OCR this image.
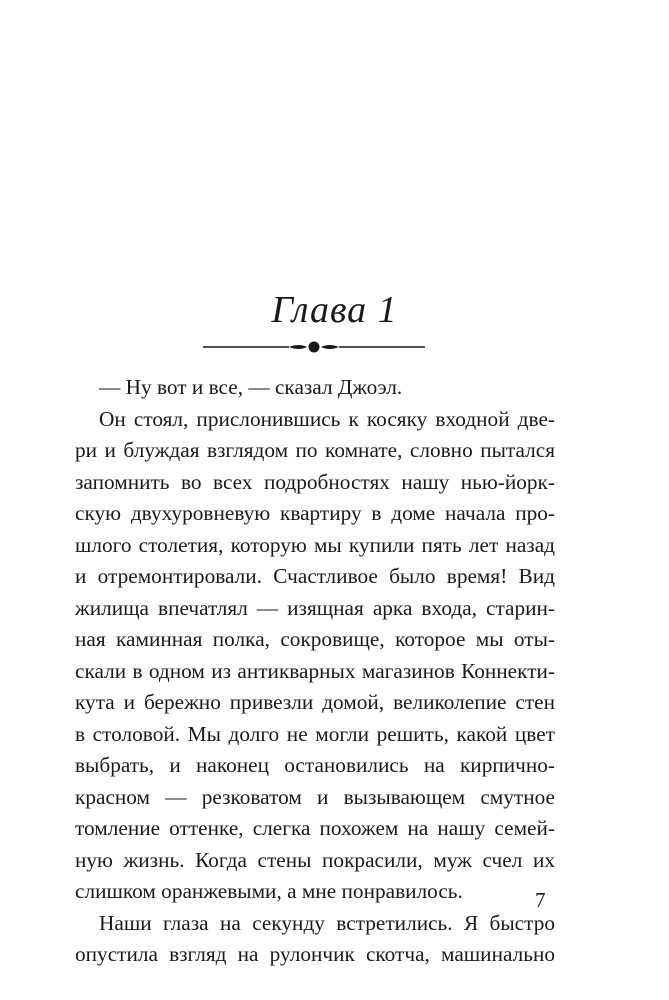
Глава 1
— Ну вот и все, — сказал Джоэл.
Он стоял, прислонившись к косяку входной две-
ри и блуждая взглядом по комнате, словно пытался
запомнить во всех подробностях нашу нью-йорк-
скую двухуровневую квартиру в доме начала про-
шлого столетия, которую мы купили пять лет назад
и отремонтировали. Счастливое было время! Вид
жилища впечатлял — изящная арка входа, старин-
ная каминная полка, сокровище, которое мы оты-
скали в одном из антикварных магазинов Коннекти-
кута и бережно привезли домой, великолепие стен
в столовой. Мы долго не могли решить, какой цвет
выбрать, и наконец остановились на кирпично-
красном — резковатом и вызывающем смутное
томление оттенке, слегка похожем на нашу семей-
ную жизнь. Когда стены покрасили, муж счел их
слишком оранжевыми, а мне понравилось.
Наши глаза на секунду встретились. Я быстро
опустила взгляд на рулончик скотча, машинально
7
